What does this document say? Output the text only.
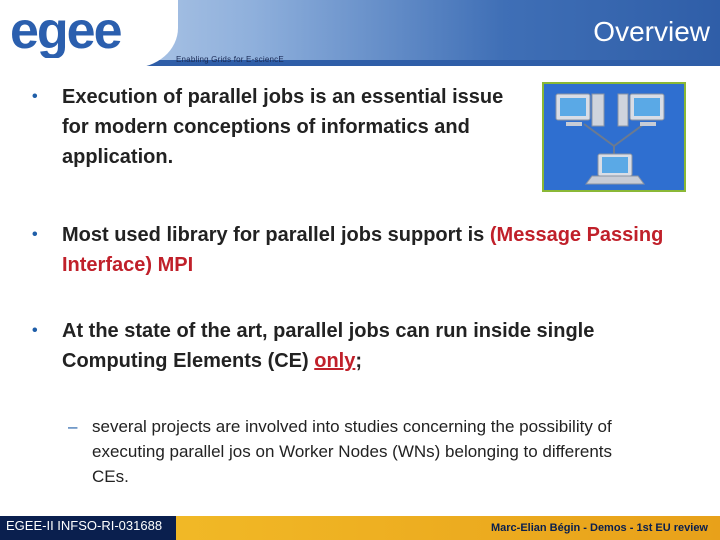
egee	Enabling Grids for E-sciencE
Overview
• Execution of parallel jobs is an essential issue for modern conceptions of informatics and application.
• Most used library for parallel jobs support is (Message Passing Interface) MPI
• At the state of the art, parallel jobs can run inside single Computing Elements (CE) only;
– several projects are involved into studies concerning the possibility of executing parallel jos on Worker Nodes (WNs) belonging to differents CEs.
EGEE-II INFSO-RI-031688	Marc-Elian Bégin - Demos - 1st EU review
